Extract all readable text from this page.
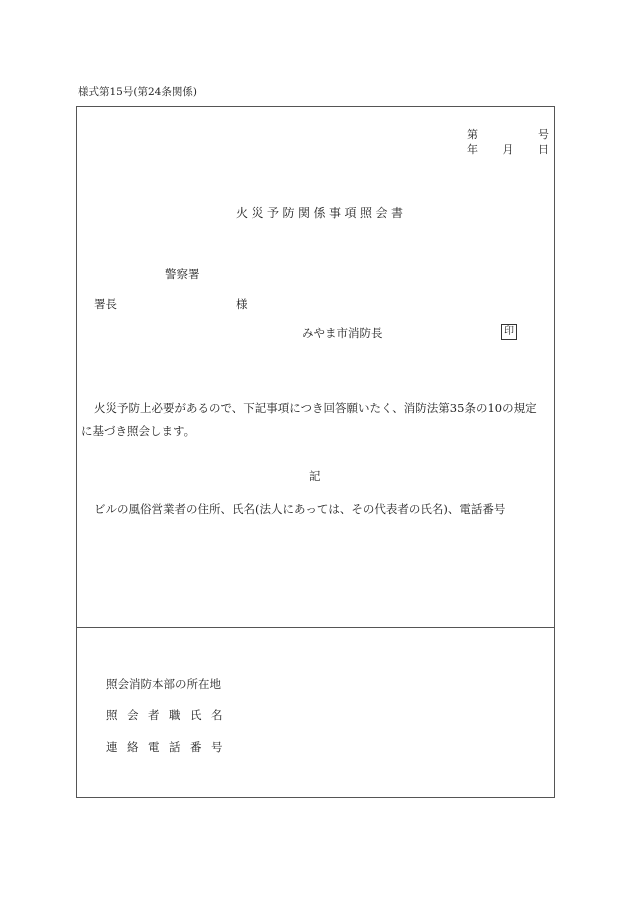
様式第15号(第24条関係)
第	号
年 月 日
火災予防関係事項照会書
警察署
署長	様
みやま市消防長	印
火災予防上必要があるので、下記事項につき回答願いたく、消防法第35条の10の規定
に基づき照会します。
記
ビルの風俗営業者の住所、氏名(法人にあっては、その代表者の氏名)、電話番号
照会消防本部の所在地
照会者職氏名
連絡電話番号
